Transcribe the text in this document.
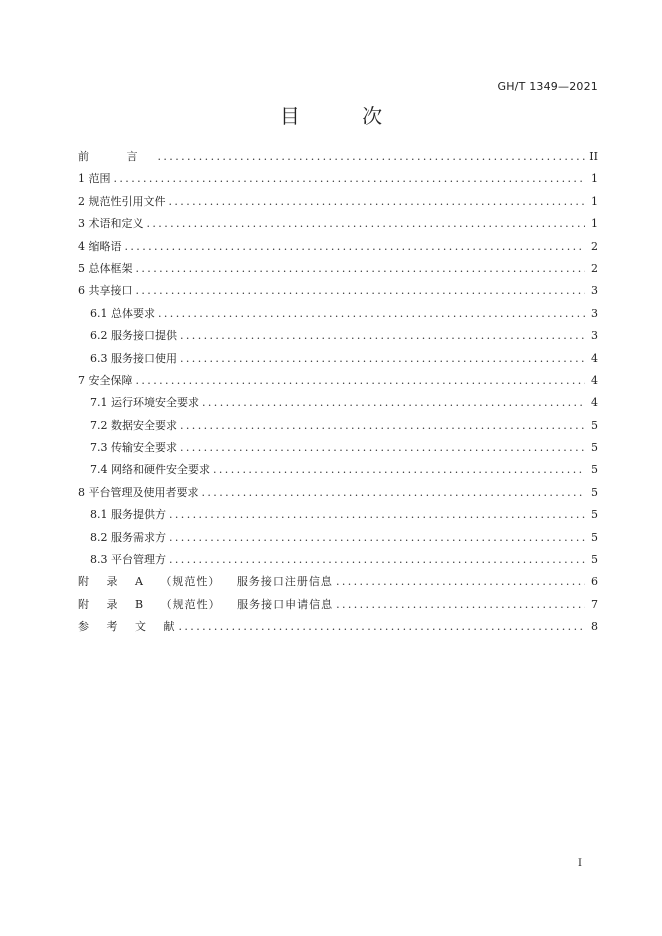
GH/T 1349—2021
目 次
前 言 .....	II
1 范围 .....	1
2 规范性引用文件 .....	1
3 术语和定义 .....	1
4 缩略语 .....	2
5 总体框架 .....	2
6 共享接口 .....	3
6.1 总体要求 .....	3
6.2 服务接口提供 .....	3
6.3 服务接口使用 .....	4
7 安全保障 .....	4
7.1 运行环境安全要求 .....	4
7.2 数据安全要求 .....	5
7.3 传输安全要求 .....	5
7.4 网络和硬件安全要求 .....	5
8 平台管理及使用者要求 .....	5
8.1 服务提供方 .....	5
8.2 服务需求方 .....	5
8.3 平台管理方 .....	5
附 录 A （规范性） 服务接口注册信息 .....	6
附 录 B （规范性） 服务接口申请信息 .....	7
参 考 文 献 .....	8
I
